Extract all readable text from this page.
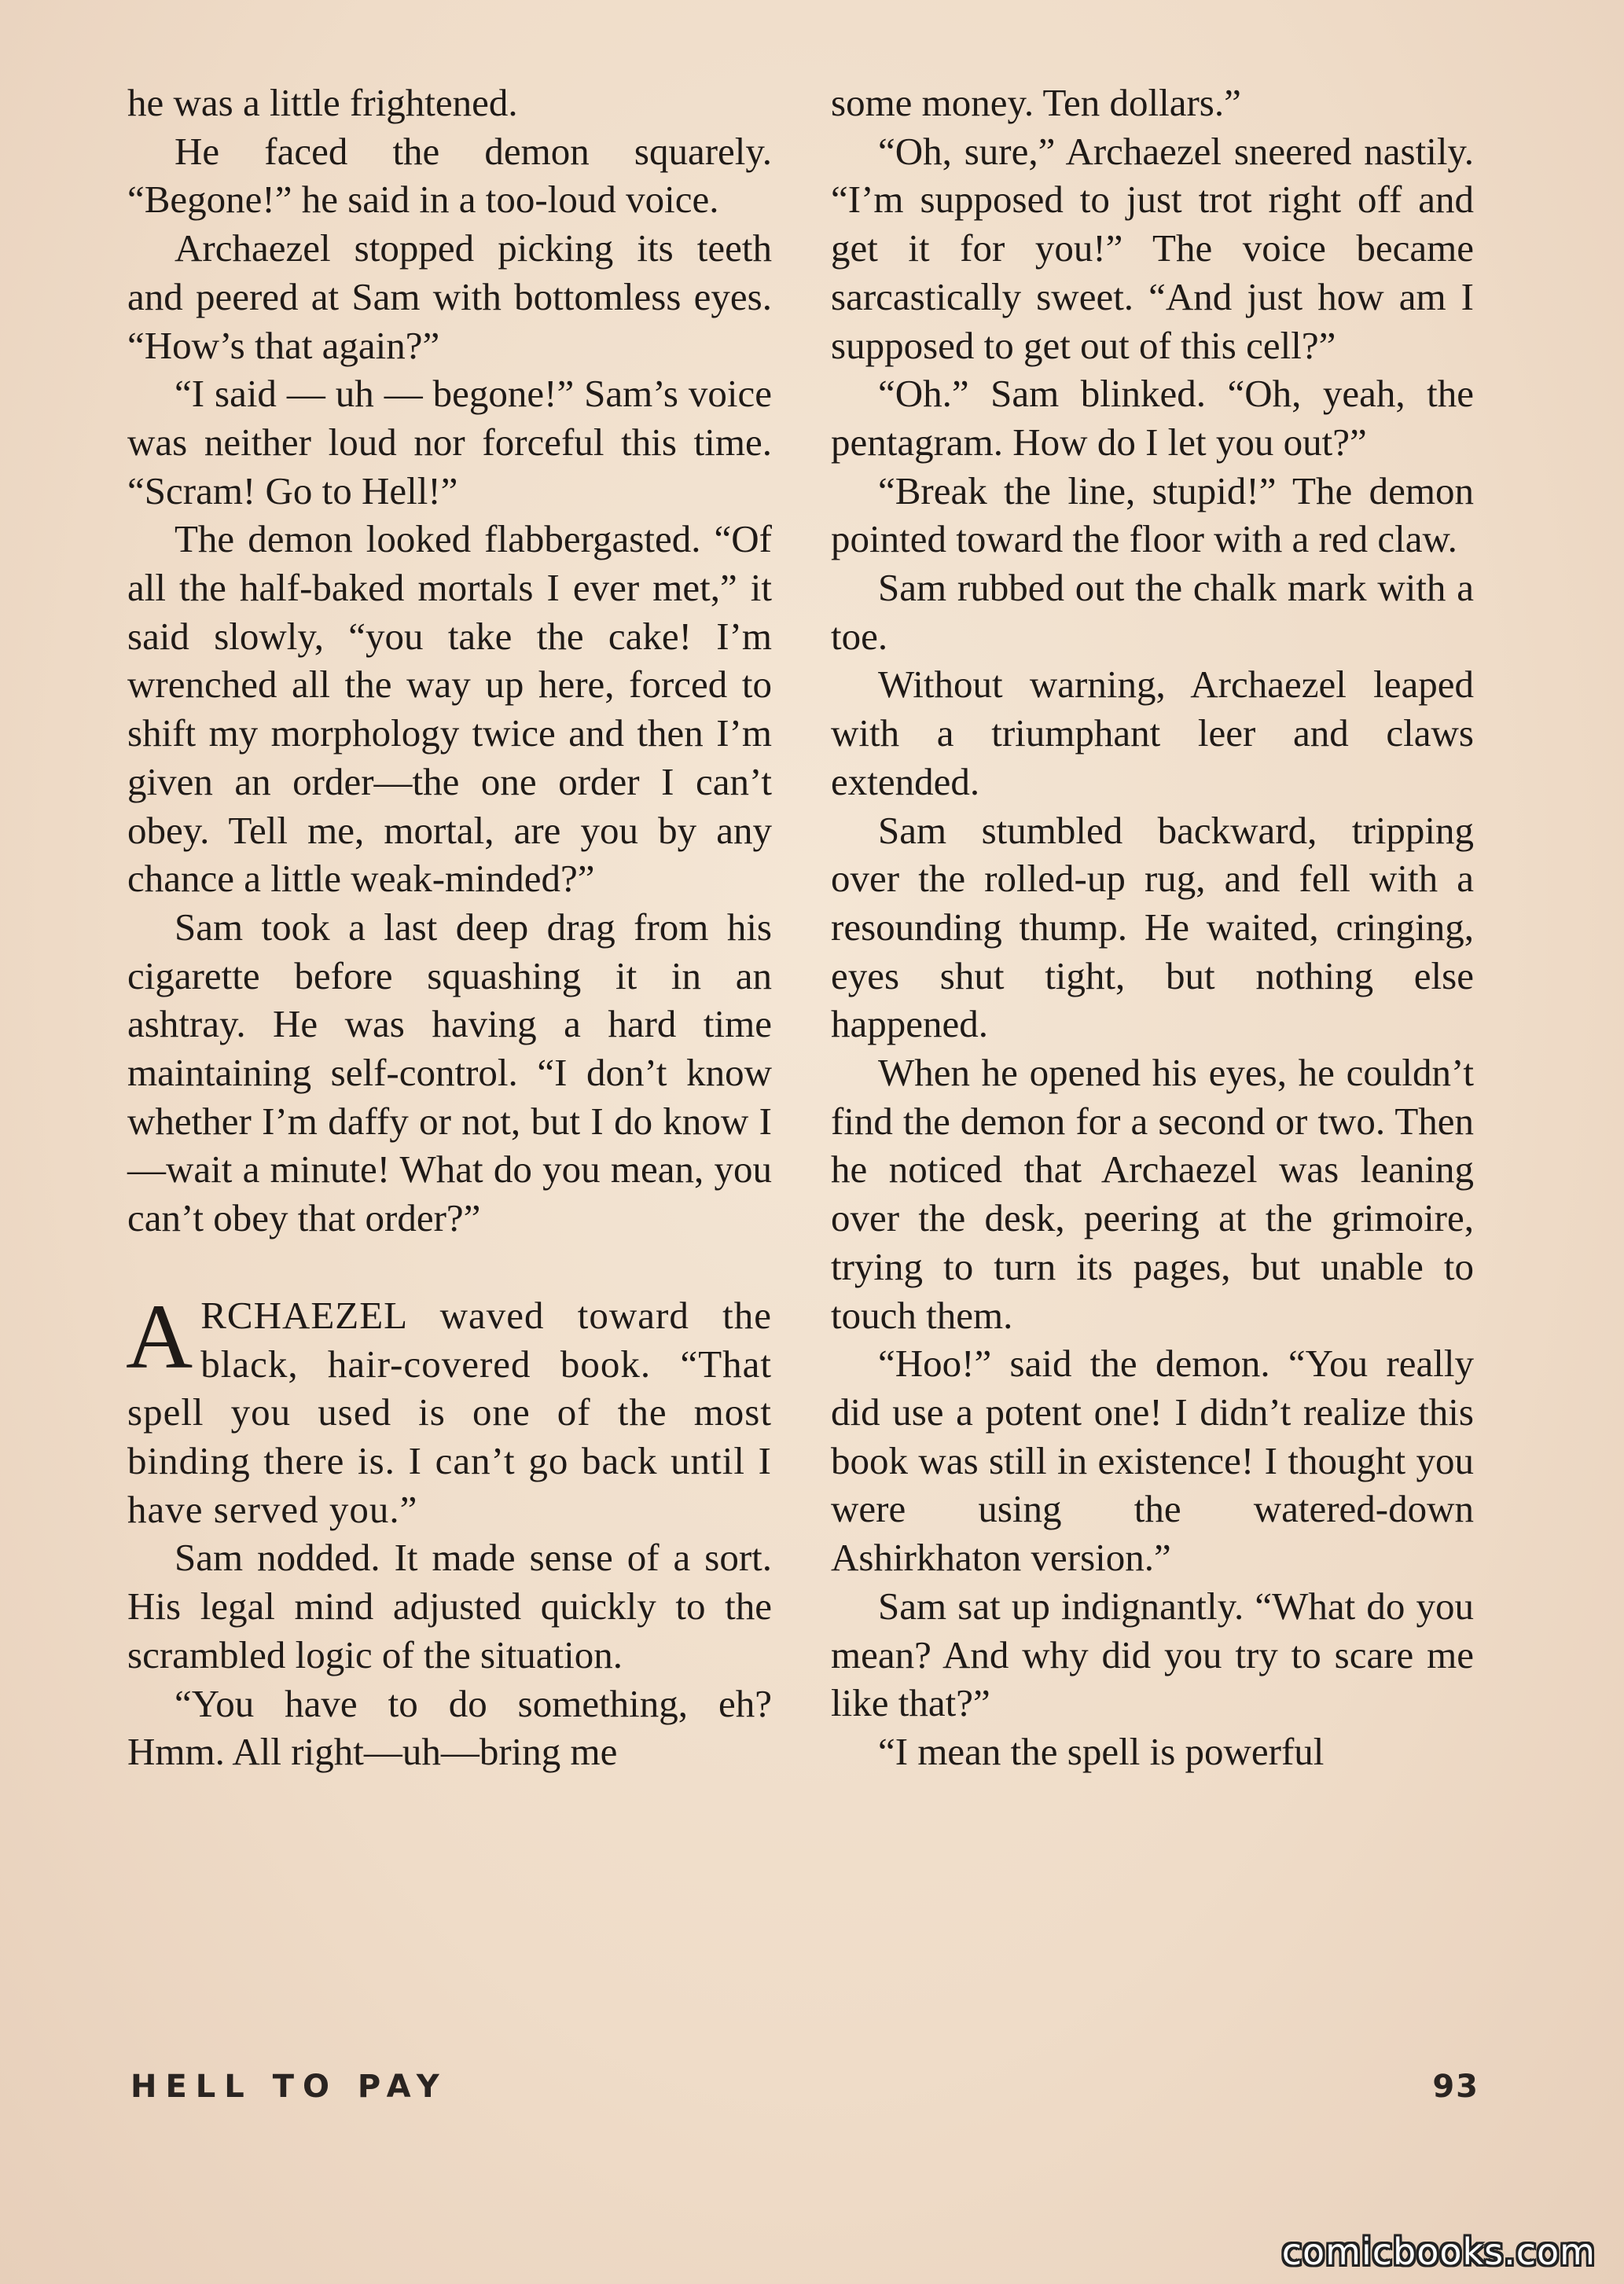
he was a little frightened.

He faced the demon squarely. “Begone!” he said in a too-loud voice.

Archaezel stopped picking its teeth and peered at Sam with bottomless eyes. “How’s that again?”

“I said — uh — begone!” Sam’s voice was neither loud nor forceful this time. “Scram! Go to Hell!”

The demon looked flabbergasted. “Of all the half-baked mortals I ever met,” it said slowly, “you take the cake! I’m wrenched all the way up here, forced to shift my morphology twice and then I’m given an order—the one order I can’t obey. Tell me, mortal, are you by any chance a little weak-minded?”

Sam took a last deep drag from his cigarette before squashing it in an ashtray. He was having a hard time maintaining self-control. “I don’t know whether I’m daffy or not, but I do know I—wait a minute! What do you mean, you can’t obey that order?”

ARCHAEZEL waved toward the black, hair-covered book. “That spell you used is one of the most binding there is. I can’t go back until I have served you.”

Sam nodded. It made sense of a sort. His legal mind adjusted quickly to the scrambled logic of the situation.

“You have to do something, eh? Hmm. All right—uh—bring me

some money. Ten dollars.”

“Oh, sure,” Archaezel sneered nastily. “I’m supposed to just trot right off and get it for you!” The voice became sarcastically sweet. “And just how am I supposed to get out of this cell?”

“Oh.” Sam blinked. “Oh, yeah, the pentagram. How do I let you out?”

“Break the line, stupid!” The demon pointed toward the floor with a red claw.

Sam rubbed out the chalk mark with a toe.

Without warning, Archaezel leaped with a triumphant leer and claws extended.

Sam stumbled backward, tripping over the rolled-up rug, and fell with a resounding thump. He waited, cringing, eyes shut tight, but nothing else happened.

When he opened his eyes, he couldn’t find the demon for a second or two. Then he noticed that Archaezel was leaning over the desk, peering at the grimoire, trying to turn its pages, but unable to touch them.

“Hoo!” said the demon. “You really did use a potent one! I didn’t realize this book was still in existence! I thought you were using the watered-down Ashirkhaton version.”

Sam sat up indignantly. “What do you mean? And why did you try to scare me like that?”

“I mean the spell is powerful

HELL TO PAY	93
comicbooks.com
